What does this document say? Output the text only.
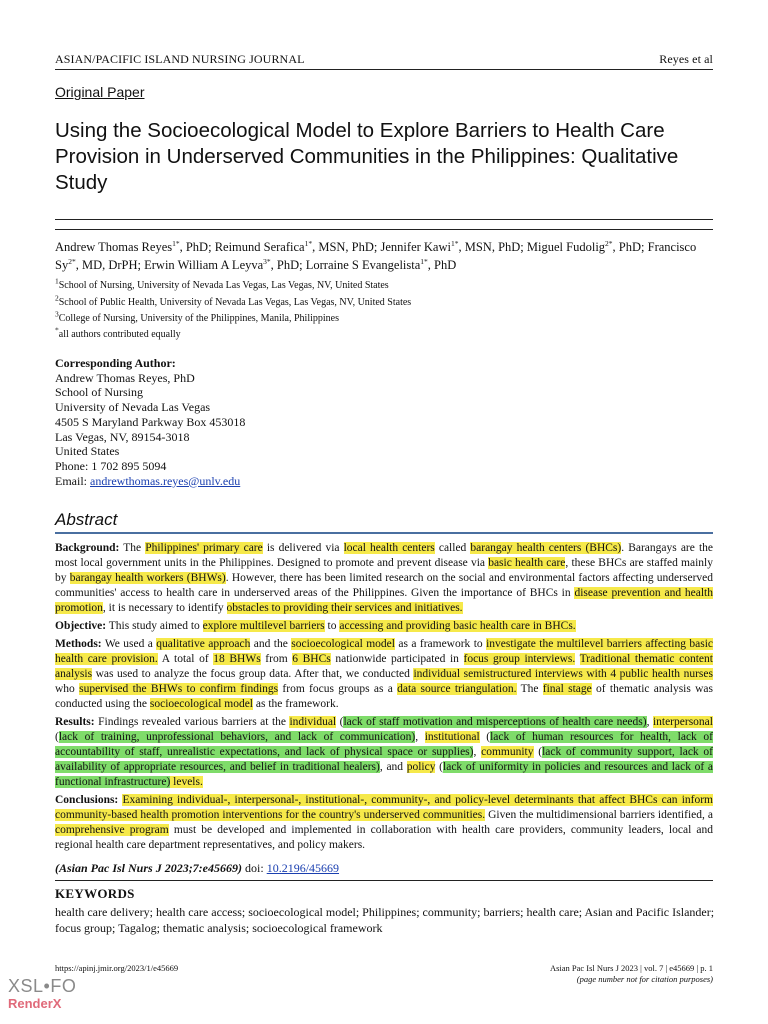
ASIAN/PACIFIC ISLAND NURSING JOURNAL	Reyes et al
Original Paper
Using the Socioecological Model to Explore Barriers to Health Care Provision in Underserved Communities in the Philippines: Qualitative Study
Andrew Thomas Reyes$^{1*}$, PhD; Reimund Serafica$^{1*}$, MSN, PhD; Jennifer Kawi$^{1*}$, MSN, PhD; Miguel Fudolig$^{2*}$, PhD; Francisco $Sy^{2*}$, MD, DrPH; Erwin William A Leyva$^{3*}$, PhD; Lorraine S Evangelista$^{1*}$, PhD
$^1$School of Nursing, University of Nevada Las Vegas, Las Vegas, NV, United States
$^2$School of Public Health, University of Nevada Las Vegas, Las Vegas, NV, United States
$^3$College of Nursing, University of the Philippines, Manila, Philippines
*all authors contributed equally
Corresponding Author:
Andrew Thomas Reyes, PhD
School of Nursing
University of Nevada Las Vegas
4505 S Maryland Parkway Box 453018
Las Vegas, NV, 89154-3018
United States
Phone: 1 702 895 5094
Email: andrewthomas.reyes@unlv.edu
Abstract

Background: The Philippines' primary care is delivered via local health centers called barangay health centers (BHCs). Barangays are the most local government units in the Philippines. Designed to promote and prevent disease via basic health care, these BHCs are staffed mainly by barangay health workers (BHWs). However, there has been limited research on the social and environmental factors affecting underserved communities' access to health care in underserved areas of the Philippines. Given the importance of BHCs in disease prevention and health promotion, it is necessary to identify obstacles to providing their services and initiatives.

Objective: This study aimed to explore multilevel barriers to accessing and providing basic health care in BHCs.

Methods: We used a qualitative approach and the socioecological model as a framework to investigate the multilevel barriers affecting basic health care provision. A total of 18 BHWs from 6 BHCs nationwide participated in focus group interviews. Traditional thematic content analysis was used to analyze the focus group data. After that, we conducted individual semistructured interviews with 4 public health nurses who supervised the BHWs to confirm findings from focus groups as a data source triangulation. The final stage of thematic analysis was conducted using the socioecological model as the framework.

Results: Findings revealed various barriers at the individual (lack of staff motivation and misperceptions of health care needs), interpersonal (lack of training, unprofessional behaviors, and lack of communication), institutional (lack of human resources for health, lack of accountability of staff, unrealistic expectations, and lack of physical space or supplies), community (lack of community support, lack of availability of appropriate resources, and belief in traditional healers), and policy (lack of uniformity in policies and resources and lack of a functional infrastructure) levels.

Conclusions: Examining individual-, interpersonal-, institutional-, community-, and policy-level determinants that affect BHCs can inform community-based health promotion interventions for the country's underserved communities. Given the multidimensional barriers identified, a comprehensive program must be developed and implemented in collaboration with health care providers, community leaders, local and regional health care department representatives, and policy makers.

(Asian Pac Isl Nurs J 2023;7:e45669) doi: 10.2196/45669
KEYWORDS
health care delivery; health care access; socioecological model; Philippines; community; barriers; health care; Asian and Pacific Islander; focus group; Tagalog; thematic analysis; socioecological framework
https://apinj.jmir.org/2023/1/e45669	Asian Pac Isl Nurs J 2023 | vol. 7 | e45669 | p. 1
(page number not for citation purposes)
XSL•FO
RenderX
